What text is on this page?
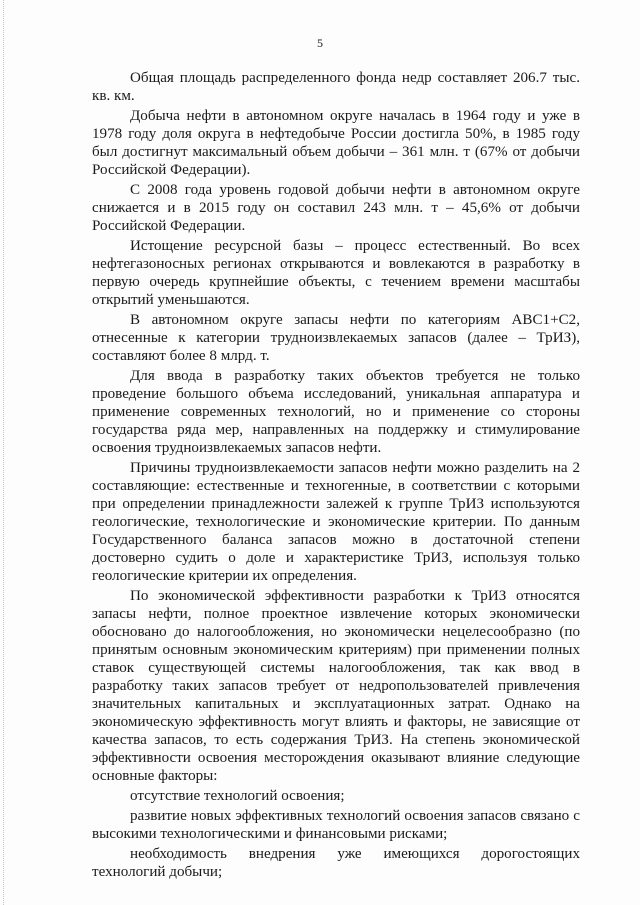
5

Общая площадь распределенного фонда недр составляет 206.7 тыс. кв. км.

Добыча нефти в автономном округе началась в 1964 году и уже в 1978 году доля округа в нефтедобыче России достигла 50%, в 1985 году был достигнут максимальный объем добычи – 361 млн. т (67% от добычи Российской Федерации).

С 2008 года уровень годовой добычи нефти в автономном округе снижается и в 2015 году он составил 243 млн. т – 45,6% от добычи Российской Федерации.

Истощение ресурсной базы – процесс естественный. Во всех нефтегазоносных регионах открываются и вовлекаются в разработку в первую очередь крупнейшие объекты, с течением времени масштабы открытий уменьшаются.

В автономном округе запасы нефти по категориям АВС1+С2, отнесенные к категории трудноизвлекаемых запасов (далее – ТрИЗ), составляют более 8 млрд. т.

Для ввода в разработку таких объектов требуется не только проведение большого объема исследований, уникальная аппаратура и применение современных технологий, но и применение со стороны государства ряда мер, направленных на поддержку и стимулирование освоения трудноизвлекаемых запасов нефти.

Причины трудноизвлекаемости запасов нефти можно разделить на 2 составляющие: естественные и техногенные, в соответствии с которыми при определении принадлежности залежей к группе ТрИЗ используются геологические, технологические и экономические критерии. По данным Государственного баланса запасов можно в достаточной степени достоверно судить о доле и характеристике ТрИЗ, используя только геологические критерии их определения.

По экономической эффективности разработки к ТрИЗ относятся запасы нефти, полное проектное извлечение которых экономически обосновано до налогообложения, но экономически нецелесообразно (по принятым основным экономическим критериям) при применении полных ставок существующей системы налогообложения, так как ввод в разработку таких запасов требует от недропользователей привлечения значительных капитальных и эксплуатационных затрат. Однако на экономическую эффективность могут влиять и факторы, не зависящие от качества запасов, то есть содержания ТрИЗ. На степень экономической эффективности освоения месторождения оказывают влияние следующие основные факторы:

отсутствие технологий освоения;

развитие новых эффективных технологий освоения запасов связано с высокими технологическими и финансовыми рисками;

необходимость внедрения уже имеющихся дорогостоящих технологий добычи;
